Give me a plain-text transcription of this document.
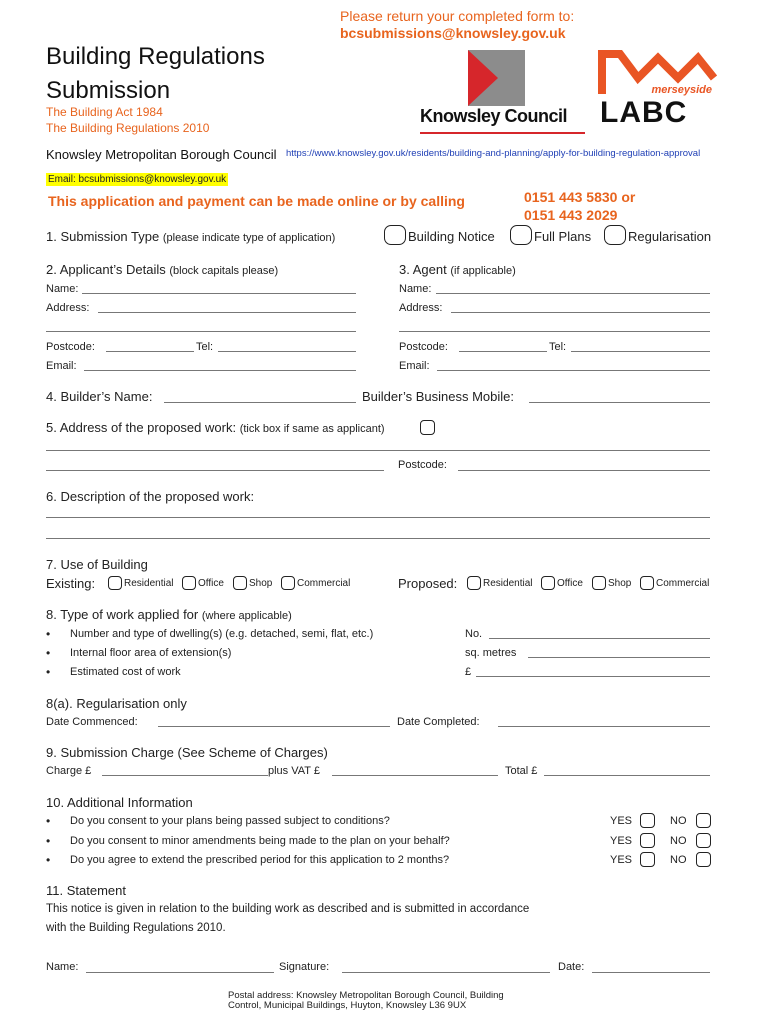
Please return your completed form to:
bcsubmissions@knowsley.gov.uk
Building Regulations
Submission
The Building Act 1984
The Building Regulations 2010
Knowsley Council
merseyside
LABC
Knowsley Metropolitan Borough Council https://www.knowsley.gov.uk/residents/building-and-planning/apply-for-building-regulation-approval
Email: bcsubmissions@knowsley.gov.uk
This application and payment can be made online or by calling	0151 443 5830 or
0151 443 2029
1. Submission Type (please indicate type of application)	Building Notice	Full Plans	Regularisation
2. Applicant’s Details (block capitals please)
Name:
Address:
Postcode:	Tel:
Email:
3. Agent (if applicable)
Name:
Address:
Postcode:	Tel:
Email:
4. Builder’s Name:	Builder’s Business Mobile:
5. Address of the proposed work: (tick box if same as applicant)
Postcode:
6. Description of the proposed work:
7. Use of Building
Existing:	Residential Office	Shop Commercial	Proposed:	Residential Office	Shop Commercial
8. Type of work applied for (where applicable)
• Number and type of dwelling(s) (e.g. detached, semi, flat, etc.)	No.
• Internal floor area of extension(s)	sq. metres
• Estimated cost of work	£
8(a). Regularisation only
Date Commenced:	Date Completed:
9. Submission Charge (See Scheme of Charges)
Charge £	plus VAT £	Total £
10. Additional Information
• Do you consent to your plans being passed subject to conditions?	YES	NO
• Do you consent to minor amendments being made to the plan on your behalf?	YES	NO
• Do you agree to extend the prescribed period for this application to 2 months?	YES	NO
11. Statement
This notice is given in relation to the building work as described and is submitted in accordance
with the Building Regulations 2010.
Name:	Signature:	Date:
Postal address: Knowsley Metropolitan Borough Council, Building
Control, Municipal Buildings, Huyton, Knowsley L36 9UX
